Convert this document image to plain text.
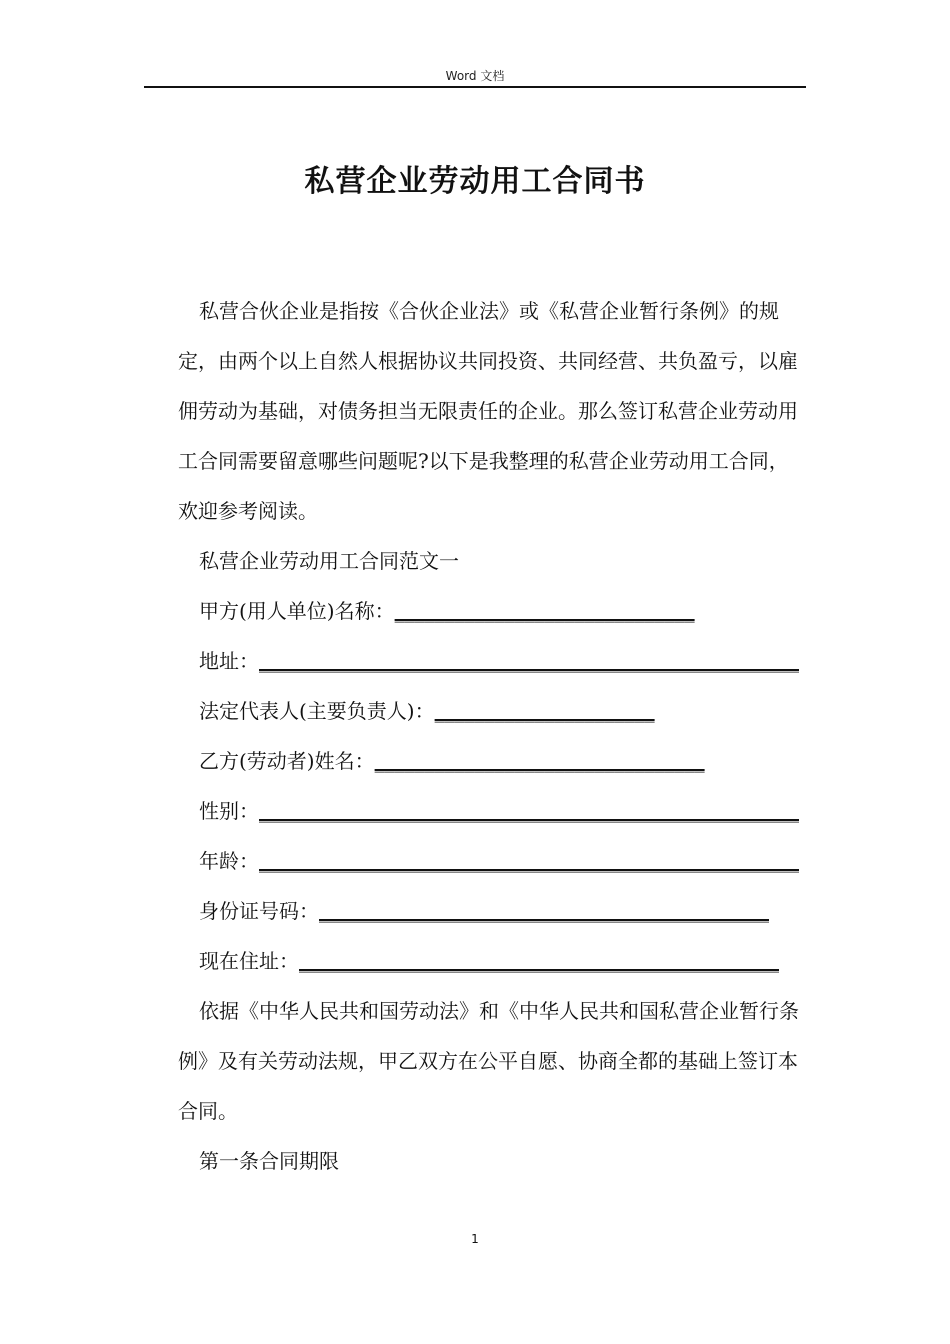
Word 文档
私营企业劳动用工合同书

私营合伙企业是指按《合伙企业法》或《私营企业暂行条例》的规定，由两个以上自然人根据协议共同投资、共同经营、共负盈亏，以雇佣劳动为基础，对债务担当无限责任的企业。那么签订私营企业劳动用工合同需要留意哪些问题呢?以下是我整理的私营企业劳动用工合同，欢迎参考阅读。

私营企业劳动用工合同范文一

甲方(用人单位)名称：______________________________
地址：______________________________________________________
法定代表人(主要负责人)：______________________
乙方(劳动者)姓名：_________________________________
性别：______________________________________________________
年龄：______________________________________________________
身份证号码：_____________________________________________
现在住址：________________________________________________

依据《中华人民共和国劳动法》和《中华人民共和国私营企业暂行条例》及有关劳动法规，甲乙双方在公平自愿、协商全都的基础上签订本合同。

第一条合同期限

1
